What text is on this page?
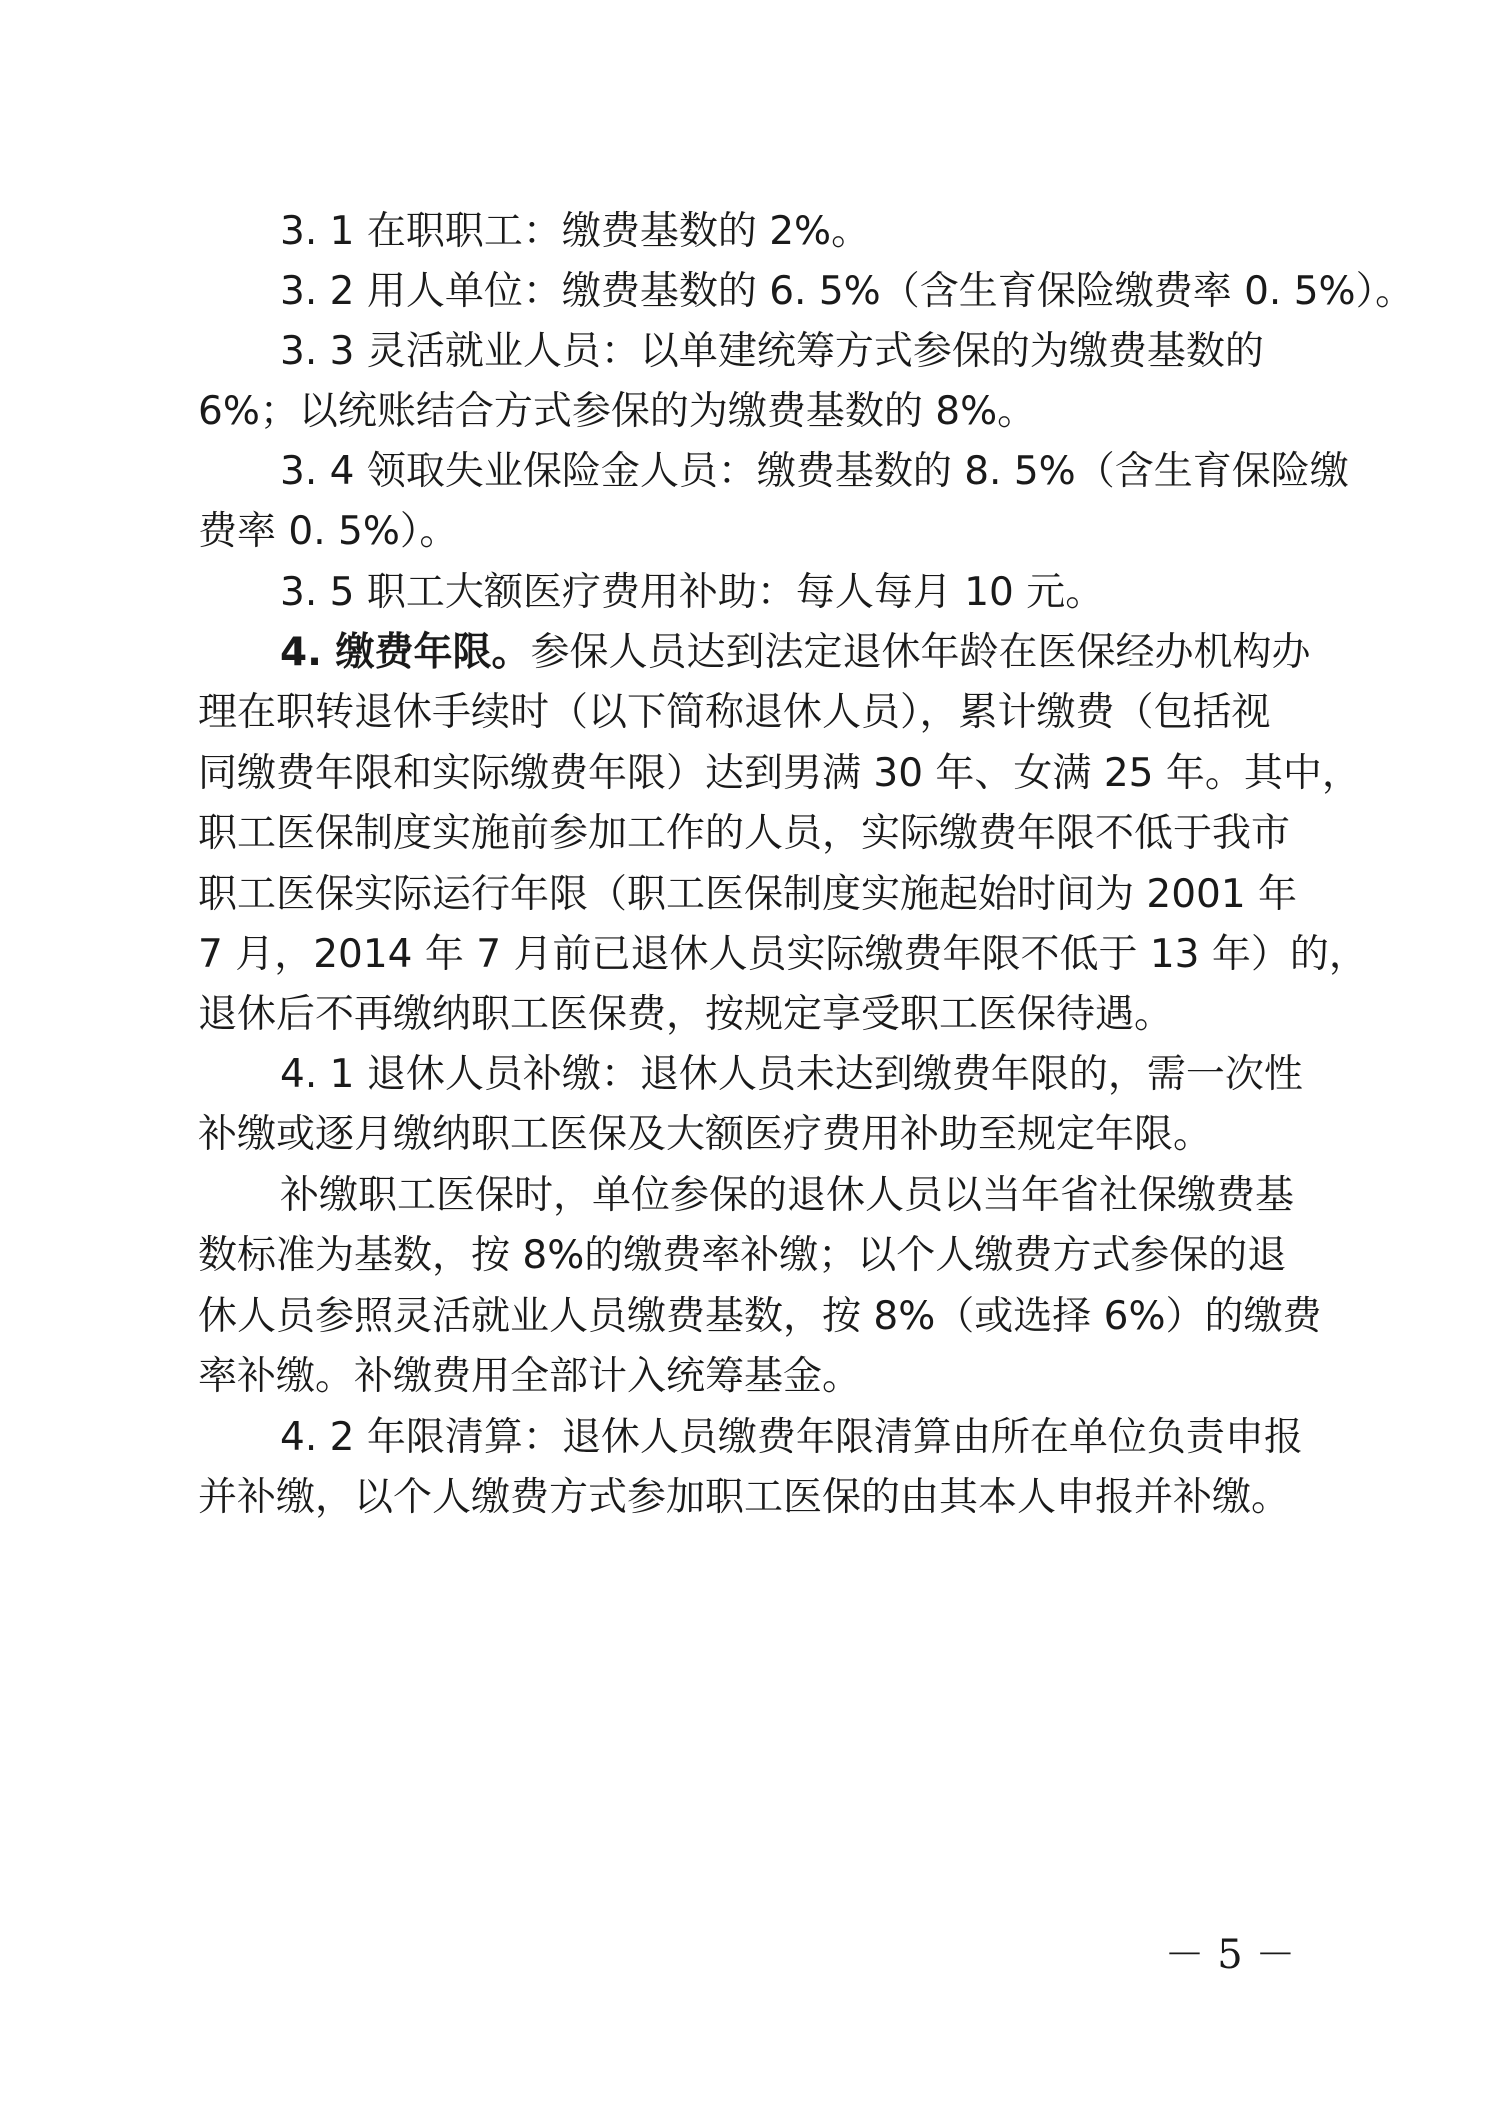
3. 1 在职职工：缴费基数的 2%。
3. 2 用人单位：缴费基数的 6. 5%（含生育保险缴费率 0. 5%）。
3. 3 灵活就业人员：以单建统筹方式参保的为缴费基数的
6%；以统账结合方式参保的为缴费基数的 8%。
3. 4 领取失业保险金人员：缴费基数的 8. 5%（含生育保险缴
费率 0. 5%）。
3. 5 职工大额医疗费用补助：每人每月 10 元。
4. 缴费年限。参保人员达到法定退休年龄在医保经办机构办
理在职转退休手续时（以下简称退休人员），累计缴费（包括视
同缴费年限和实际缴费年限）达到男满 30 年、女满 25 年。其中，
职工医保制度实施前参加工作的人员，实际缴费年限不低于我市
职工医保实际运行年限（职工医保制度实施起始时间为 2001 年
7 月，2014 年 7 月前已退休人员实际缴费年限不低于 13 年）的，
退休后不再缴纳职工医保费，按规定享受职工医保待遇。
4. 1 退休人员补缴：退休人员未达到缴费年限的，需一次性
补缴或逐月缴纳职工医保及大额医疗费用补助至规定年限。
补缴职工医保时，单位参保的退休人员以当年省社保缴费基
数标准为基数，按 8%的缴费率补缴；以个人缴费方式参保的退
休人员参照灵活就业人员缴费基数，按 8%（或选择 6%）的缴费
率补缴。补缴费用全部计入统筹基金。
4. 2 年限清算：退休人员缴费年限清算由所在单位负责申报
并补缴，以个人缴费方式参加职工医保的由其本人申报并补缴。
－ 5 －
